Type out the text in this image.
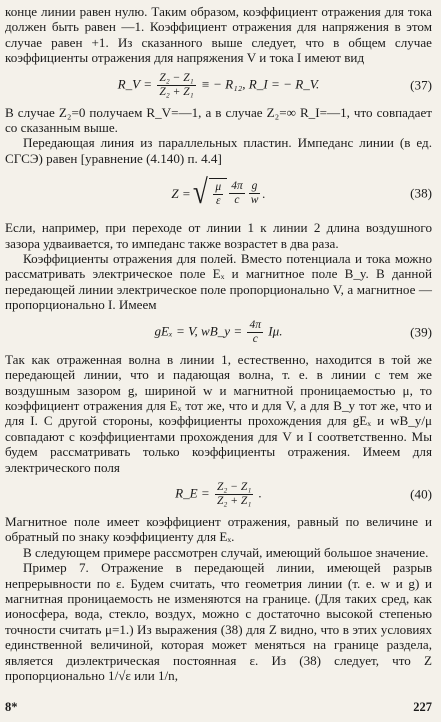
конце линии равен нулю. Таким образом, коэффициент отражения для тока должен быть равен —1. Коэффициент отражения для напряжения в этом случае равен +1. Из сказанного выше следует, что в общем случае коэффициенты отражения для напряжения V и тока I имеют вид

R_V = $\frac{\text{Z₂ − Z₁}}{\text{Z₂ + Z₁}}$ ≡ − R₁₂, R_I = − R_V.	(37)

В случае Z₂=0 получаем R_V=—1, а в случае Z₂=∞ R_I=—1, что совпадает со сказанным выше.

Передающая линия из параллельных пластин. Импеданс линии (в ед. СГСЭ) равен [уравнение (4.140) п. 4.4]

Z = √ $\frac{\mu}{\varepsilon} \frac{4\pi}{c} \frac{g}{w}$ .	(38)

Если, например, при переходе от линии 1 к линии 2 длина воздушного зазора удваивается, то импеданс также возрастет в два раза.

Коэффициенты отражения для полей. Вместо потенциала и тока можно рассматривать электрическое поле Eₓ и магнитное поле B_y. В данной передающей линии электрическое поле пропорционально V, а магнитное — пропорционально I. Имеем

gEₓ = V, wB_y = $\frac{4\pi}{c} I\mu$.	(39)

Так как отраженная волна в линии 1, естественно, находится в той же передающей линии, что и падающая волна, т. е. в линии с тем же воздушным зазором g, шириной w и магнитной проницаемостью μ, то коэффициент отражения для Eₓ тот же, что и для V, а для B_y тот же, что и для I. С другой стороны, коэффициенты прохождения для gEₓ и wB_y/μ совпадают с коэффициентами прохождения для V и I соответственно. Мы будем рассматривать только коэффициенты отражения. Имеем для электрического поля

R_E = $\frac{\text{Z₂ − Z₁}}{\text{Z₂ + Z₁}}$ .	(40)

Магнитное поле имеет коэффициент отражения, равный по величине и обратный по знаку коэффициенту для Eₓ.

В следующем примере рассмотрен случай, имеющий большое значение.

Пример 7. Отражение в передающей линии, имеющей разрыв непрерывности по ε. Будем считать, что геометрия линии (т. е. w и g) и магнитная проницаемость не изменяются на границе. (Для таких сред, как ионосфера, вода, стекло, воздух, можно с достаточно высокой степенью точности считать μ=1.) Из выражения (38) для Z видно, что в этих условиях единственной величиной, которая может меняться на границе раздела, является диэлектрическая постоянная ε. Из (38) следует, что Z пропорционально 1/√ε или 1/n,

8*	227
